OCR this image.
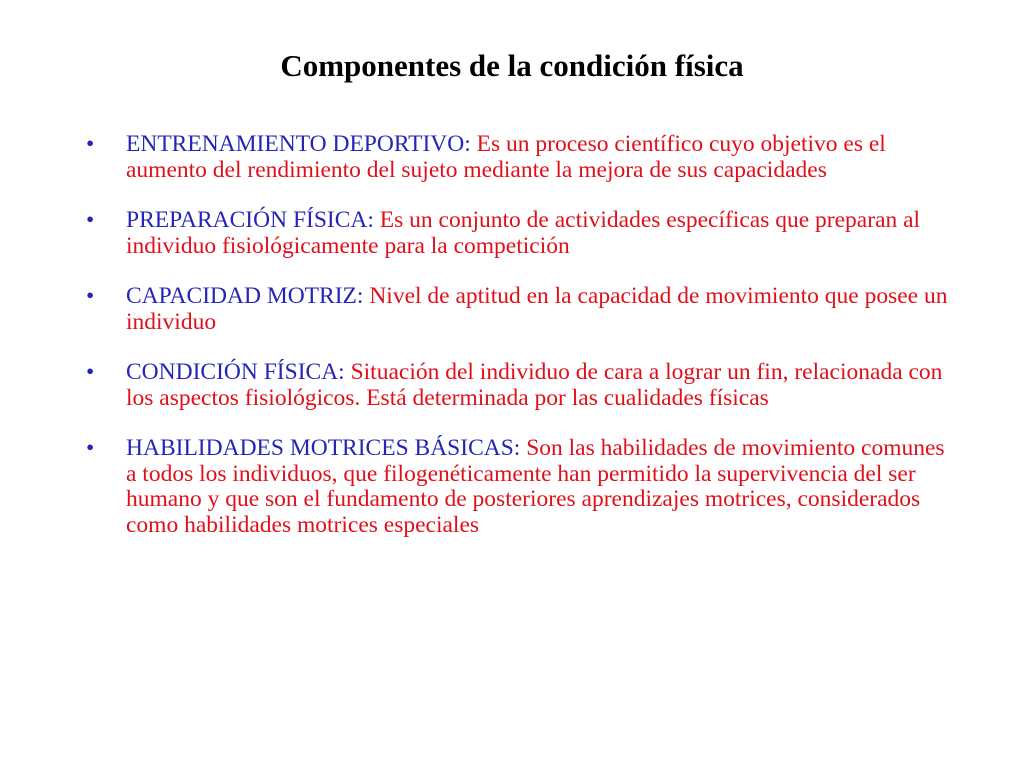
Componentes de la condición física
• ENTRENAMIENTO DEPORTIVO: Es un proceso científico cuyo objetivo es el aumento del rendimiento del sujeto mediante la mejora de sus capacidades
• PREPARACIÓN FÍSICA: Es un conjunto de actividades específicas que preparan al individuo fisiológicamente para la competición
• CAPACIDAD MOTRIZ: Nivel de aptitud en la capacidad de movimiento que posee un individuo
• CONDICIÓN FÍSICA: Situación del individuo de cara a lograr un fin, relacionada con los aspectos fisiológicos. Está determinada por las cualidades físicas
• HABILIDADES MOTRICES BÁSICAS: Son las habilidades de movimiento comunes a todos los individuos, que filogenéticamente han permitido la supervivencia del ser humano y que son el fundamento de posteriores aprendizajes motrices, considerados como habilidades motrices especiales
